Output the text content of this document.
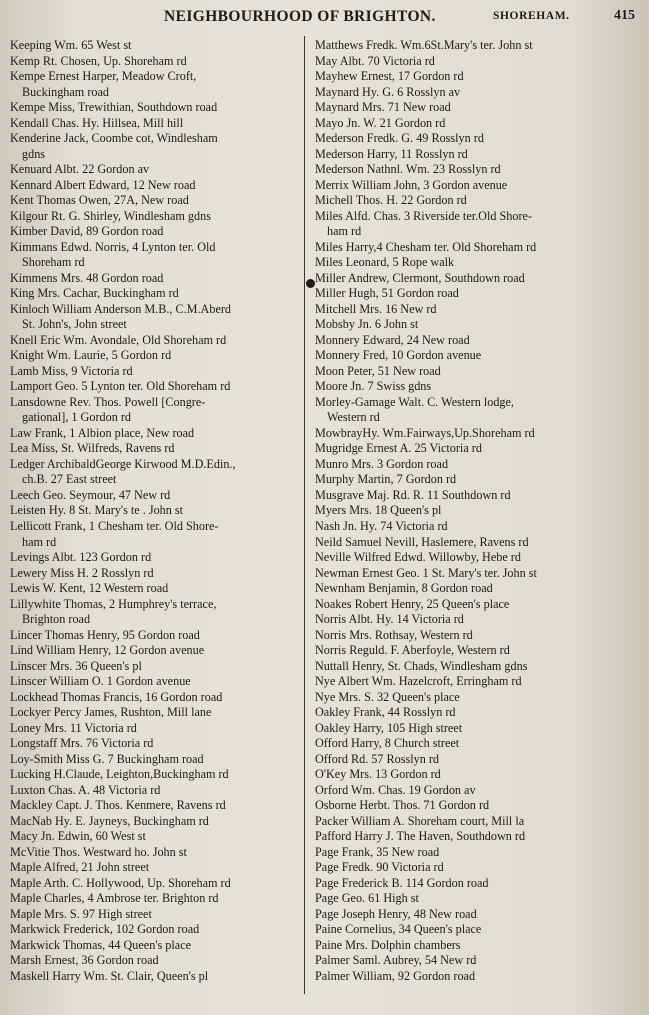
NEIGHBOURHOOD OF BRIGHTON.	SHOREHAM.	415
Keeping Wm. 65 West st
Kemp Rt. Chosen, Up. Shoreham rd
Kempe Ernest Harper, Meadow Croft,
Buckingham road
Kempe Miss, Trewithian, Southdown road
Kendall Chas. Hy. Hillsea, Mill hill
Kenderine Jack, Coombe cot, Windlesham
gdns
Kenuard Albt. 22 Gordon av
Kennard Albert Edward, 12 New road
Kent Thomas Owen, 27A, New road
Kilgour Rt. G. Shirley, Windlesham gdns
Kimber David, 89 Gordon road
Kimmans Edwd. Norris, 4 Lynton ter. Old
Shoreham rd
Kimmens Mrs. 48 Gordon road
King Mrs. Cachar, Buckingham rd
Kinloch William Anderson M.B., C.M.Aberd
St. John's, John street
Knell Eric Wm. Avondale, Old Shoreham rd
Knight Wm. Laurie, 5 Gordon rd
Lamb Miss, 9 Victoria rd
Lamport Geo. 5 Lynton ter. Old Shoreham rd
Lansdowne Rev. Thos. Powell [Congre-
gational], 1 Gordon rd
Law Frank, 1 Albion place, New road
Lea Miss, St. Wilfreds, Ravens rd
Ledger ArchibaldGeorge Kirwood M.D.Edin.,
ch.B. 27 East street
Leech Geo. Seymour, 47 New rd
Leisten Hy. 8 St. Mary's te . John st
Lellicott Frank, 1 Chesham ter. Old Shore-
ham rd
Levings Albt. 123 Gordon rd
Lewery Miss H. 2 Rosslyn rd
Lewis W. Kent, 12 Western road
Lillywhite Thomas, 2 Humphrey's terrace,
Brighton road
Lincer Thomas Henry, 95 Gordon road
Lind William Henry, 12 Gordon avenue
Linscer Mrs. 36 Queen's pl
Linscer William O. 1 Gordon avenue
Lockhead Thomas Francis, 16 Gordon road
Lockyer Percy James, Rushton, Mill lane
Loney Mrs. 11 Victoria rd
Longstaff Mrs. 76 Victoria rd
Loy-Smith Miss G. 7 Buckingham road
Lucking H.Claude, Leighton,Buckingham rd
Luxton Chas. A. 48 Victoria rd
Mackley Capt. J. Thos. Kenmere, Ravens rd
MacNab Hy. E. Jayneys, Buckingham rd
Macy Jn. Edwin, 60 West st
McVitie Thos. Westward ho. John st
Maple Alfred, 21 John street
Maple Arth. C. Hollywood, Up. Shoreham rd
Maple Charles, 4 Ambrose ter. Brighton rd
Maple Mrs. S. 97 High street
Markwick Frederick, 102 Gordon road
Markwick Thomas, 44 Queen's place
Marsh Ernest, 36 Gordon road
Maskell Harry Wm. St. Clair, Queen's pl
Matthews Fredk. Wm.6St.Mary's ter. John st
May Albt. 70 Victoria rd
Mayhew Ernest, 17 Gordon rd
Maynard Hy. G. 6 Rosslyn av
Maynard Mrs. 71 New road
Mayo Jn. W. 21 Gordon rd
Mederson Fredk. G. 49 Rosslyn rd
Mederson Harry, 11 Rosslyn rd
Mederson Nathnl. Wm. 23 Rosslyn rd
Merrix William John, 3 Gordon avenue
Michell Thos. H. 22 Gordon rd
Miles Alfd. Chas. 3 Riverside ter.Old Shore-
ham rd
Miles Harry,4 Chesham ter. Old Shoreham rd
Miles Leonard, 5 Rope walk
Miller Andrew, Clermont, Southdown road
Miller Hugh, 51 Gordon road
Mitchell Mrs. 16 New rd
Mobsby Jn. 6 John st
Monnery Edward, 24 New road
Monnery Fred, 10 Gordon avenue
Moon Peter, 51 New road
Moore Jn. 7 Swiss gdns
Morley-Gamage Walt. C. Western lodge,
Western rd
MowbrayHy. Wm.Fairways,Up.Shoreham rd
Mugridge Ernest A. 25 Victoria rd
Munro Mrs. 3 Gordon road
Murphy Martin, 7 Gordon rd
Musgrave Maj. Rd. R. 11 Southdown rd
Myers Mrs. 18 Queen's pl
Nash Jn. Hy. 74 Victoria rd
Neild Samuel Nevill, Haslemere, Ravens rd
Neville Wilfred Edwd. Willowby, Hebe rd
Newman Ernest Geo. 1 St. Mary's ter. John st
Newnham Benjamin, 8 Gordon road
Noakes Robert Henry, 25 Queen's place
Norris Albt. Hy. 14 Victoria rd
Norris Mrs. Rothsay, Western rd
Norris Reguld. F. Aberfoyle, Western rd
Nuttall Henry, St. Chads, Windlesham gdns
Nye Albert Wm. Hazelcroft, Erringham rd
Nye Mrs. S. 32 Queen's place
Oakley Frank, 44 Rosslyn rd
Oakley Harry, 105 High street
Offord Harry, 8 Church street
Offord Rd. 57 Rosslyn rd
O'Key Mrs. 13 Gordon rd
Orford Wm. Chas. 19 Gordon av
Osborne Herbt. Thos. 71 Gordon rd
Packer William A. Shoreham court, Mill la
Pafford Harry J. The Haven, Southdown rd
Page Frank, 35 New road
Page Fredk. 90 Victoria rd
Page Frederick B. 114 Gordon road
Page Geo. 61 High st
Page Joseph Henry, 48 New road
Paine Cornelius, 34 Queen's place
Paine Mrs. Dolphin chambers
Palmer Saml. Aubrey, 54 New rd
Palmer William, 92 Gordon road
